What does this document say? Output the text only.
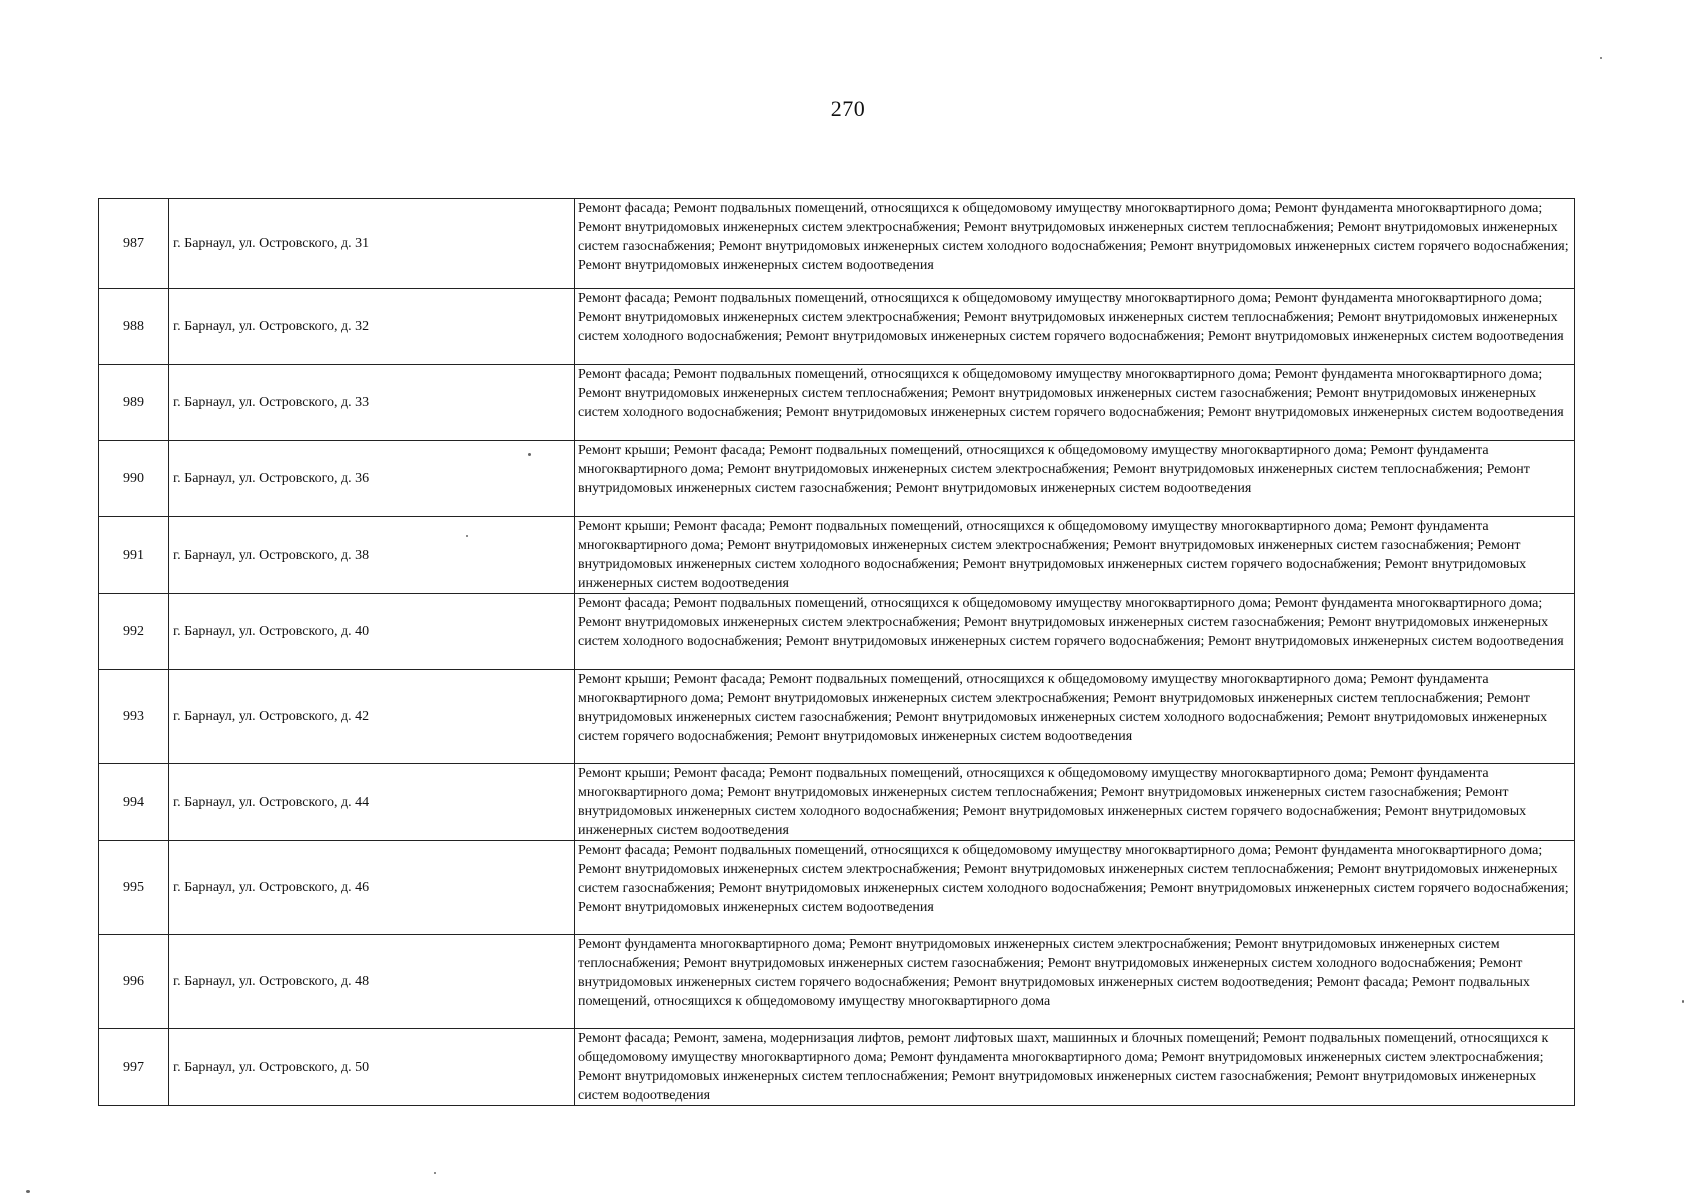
270
987	г. Барнаул, ул. Островского, д. 31	Ремонт фасада; Ремонт подвальных помещений, относящихся к общедомовому имуществу многоквартирного дома; Ремонт фундамента многоквартирного дома; Ремонт внутридомовых инженерных систем электроснабжения; Ремонт внутридомовых инженерных систем теплоснабжения; Ремонт внутридомовых инженерных систем газоснабжения; Ремонт внутридомовых инженерных систем холодного водоснабжения; Ремонт внутридомовых инженерных систем горячего водоснабжения; Ремонт внутридомовых инженерных систем водоотведения
988	г. Барнаул, ул. Островского, д. 32	Ремонт фасада; Ремонт подвальных помещений, относящихся к общедомовому имуществу многоквартирного дома; Ремонт фундамента многоквартирного дома; Ремонт внутридомовых инженерных систем электроснабжения; Ремонт внутридомовых инженерных систем теплоснабжения; Ремонт внутридомовых инженерных систем холодного водоснабжения; Ремонт внутридомовых инженерных систем горячего водоснабжения; Ремонт внутридомовых инженерных систем водоотведения
989	г. Барнаул, ул. Островского, д. 33	Ремонт фасада; Ремонт подвальных помещений, относящихся к общедомовому имуществу многоквартирного дома; Ремонт фундамента многоквартирного дома; Ремонт внутридомовых инженерных систем теплоснабжения; Ремонт внутридомовых инженерных систем газоснабжения; Ремонт внутридомовых инженерных систем холодного водоснабжения; Ремонт внутридомовых инженерных систем горячего водоснабжения; Ремонт внутридомовых инженерных систем водоотведения
990	г. Барнаул, ул. Островского, д. 36	Ремонт крыши; Ремонт фасада; Ремонт подвальных помещений, относящихся к общедомовому имуществу многоквартирного дома; Ремонт фундамента многоквартирного дома; Ремонт внутридомовых инженерных систем электроснабжения; Ремонт внутридомовых инженерных систем теплоснабжения; Ремонт внутридомовых инженерных систем газоснабжения; Ремонт внутридомовых инженерных систем водоотведения
991	г. Барнаул, ул. Островского, д. 38	Ремонт крыши; Ремонт фасада; Ремонт подвальных помещений, относящихся к общедомовому имуществу многоквартирного дома; Ремонт фундамента многоквартирного дома; Ремонт внутридомовых инженерных систем электроснабжения; Ремонт внутридомовых инженерных систем газоснабжения; Ремонт внутридомовых инженерных систем холодного водоснабжения; Ремонт внутридомовых инженерных систем горячего водоснабжения; Ремонт внутридомовых инженерных систем водоотведения
992	г. Барнаул, ул. Островского, д. 40	Ремонт фасада; Ремонт подвальных помещений, относящихся к общедомовому имуществу многоквартирного дома; Ремонт фундамента многоквартирного дома; Ремонт внутридомовых инженерных систем электроснабжения; Ремонт внутридомовых инженерных систем газоснабжения; Ремонт внутридомовых инженерных систем холодного водоснабжения; Ремонт внутридомовых инженерных систем горячего водоснабжения; Ремонт внутридомовых инженерных систем водоотведения
993	г. Барнаул, ул. Островского, д. 42	Ремонт крыши; Ремонт фасада; Ремонт подвальных помещений, относящихся к общедомовому имуществу многоквартирного дома; Ремонт фундамента многоквартирного дома; Ремонт внутридомовых инженерных систем электроснабжения; Ремонт внутридомовых инженерных систем теплоснабжения; Ремонт внутридомовых инженерных систем газоснабжения; Ремонт внутридомовых инженерных систем холодного водоснабжения; Ремонт внутридомовых инженерных систем горячего водоснабжения; Ремонт внутридомовых инженерных систем водоотведения
994	г. Барнаул, ул. Островского, д. 44	Ремонт крыши; Ремонт фасада; Ремонт подвальных помещений, относящихся к общедомовому имуществу многоквартирного дома; Ремонт фундамента многоквартирного дома; Ремонт внутридомовых инженерных систем теплоснабжения; Ремонт внутридомовых инженерных систем газоснабжения; Ремонт внутридомовых инженерных систем холодного водоснабжения; Ремонт внутридомовых инженерных систем горячего водоснабжения; Ремонт внутридомовых инженерных систем водоотведения
995	г. Барнаул, ул. Островского, д. 46	Ремонт фасада; Ремонт подвальных помещений, относящихся к общедомовому имуществу многоквартирного дома; Ремонт фундамента многоквартирного дома; Ремонт внутридомовых инженерных систем электроснабжения; Ремонт внутридомовых инженерных систем теплоснабжения; Ремонт внутридомовых инженерных систем газоснабжения; Ремонт внутридомовых инженерных систем холодного водоснабжения; Ремонт внутридомовых инженерных систем горячего водоснабжения; Ремонт внутридомовых инженерных систем водоотведения
996	г. Барнаул, ул. Островского, д. 48	Ремонт фундамента многоквартирного дома; Ремонт внутридомовых инженерных систем электроснабжения; Ремонт внутридомовых инженерных систем теплоснабжения; Ремонт внутридомовых инженерных систем газоснабжения; Ремонт внутридомовых инженерных систем холодного водоснабжения; Ремонт внутридомовых инженерных систем горячего водоснабжения; Ремонт внутридомовых инженерных систем водоотведения; Ремонт фасада; Ремонт подвальных помещений, относящихся к общедомовому имуществу многоквартирного дома
997	г. Барнаул, ул. Островского, д. 50	Ремонт фасада; Ремонт, замена, модернизация лифтов, ремонт лифтовых шахт, машинных и блочных помещений; Ремонт подвальных помещений, относящихся к общедомовому имуществу многоквартирного дома; Ремонт фундамента многоквартирного дома; Ремонт внутридомовых инженерных систем электроснабжения; Ремонт внутридомовых инженерных систем теплоснабжения; Ремонт внутридомовых инженерных систем газоснабжения; Ремонт внутридомовых инженерных систем водоотведения
